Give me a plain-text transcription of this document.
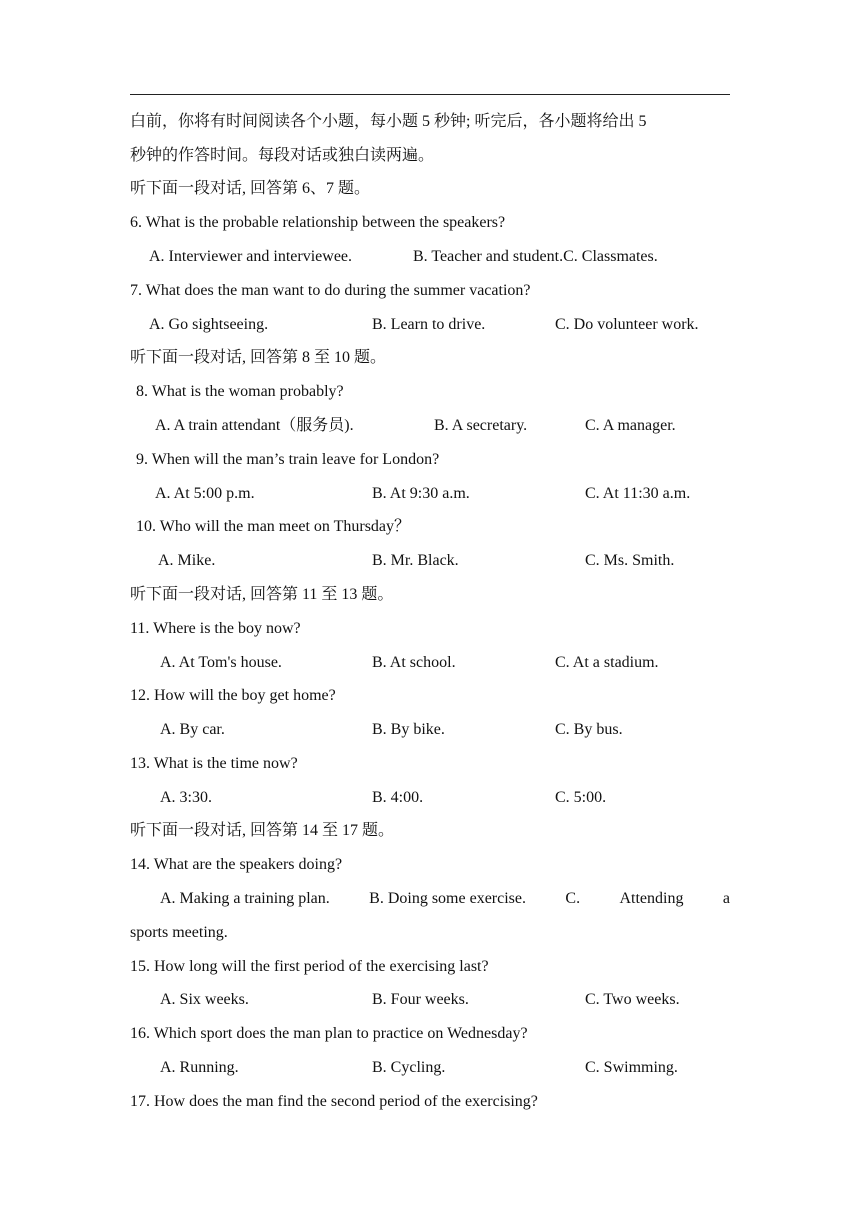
白前，你将有时间阅读各个小题，每小题 5 秒钟; 听完后，各小题将给出 5
秒钟的作答时间。每段对话或独白读两遍。
听下面一段对话, 回答第 6、7 题。
6. What is the probable relationship between the speakers?
A. Interviewer and interviewee.	B. Teacher and student.C. Classmates.
7. What does the man want to do during the summer vacation?
A. Go sightseeing.	B. Learn to drive.	C. Do volunteer work.
听下面一段对话, 回答第 8 至 10 题。
8. What is the woman probably?
A. A train attendant（服务员).	B. A secretary.	C. A manager.
9. When will the man’s train leave for London?
A. At 5:00 p.m.	B. At 9:30 a.m.	C. At 11:30 a.m.
10. Who will the man meet on Thursday？
A. Mike.	B. Mr. Black.	C. Ms. Smith.
听下面一段对话, 回答第 11 至 13 题。
11. Where is the boy now?
A. At Tom's house.	B. At school.	C. At a stadium.
12. How will the boy get home?
A. By car.	B. By bike.	C. By bus.
13. What is the time now?
A. 3:30.	B. 4:00.	C. 5:00.
听下面一段对话, 回答第 14 至 17 题。
14. What are the speakers doing?
A. Making a training plan. B. Doing some exercise. C. Attending a
sports meeting.
15. How long will the first period of the exercising last?
A. Six weeks.	B. Four weeks.	C. Two weeks.
16. Which sport does the man plan to practice on Wednesday?
A. Running.	B. Cycling.	C. Swimming.
17. How does the man find the second period of the exercising?
